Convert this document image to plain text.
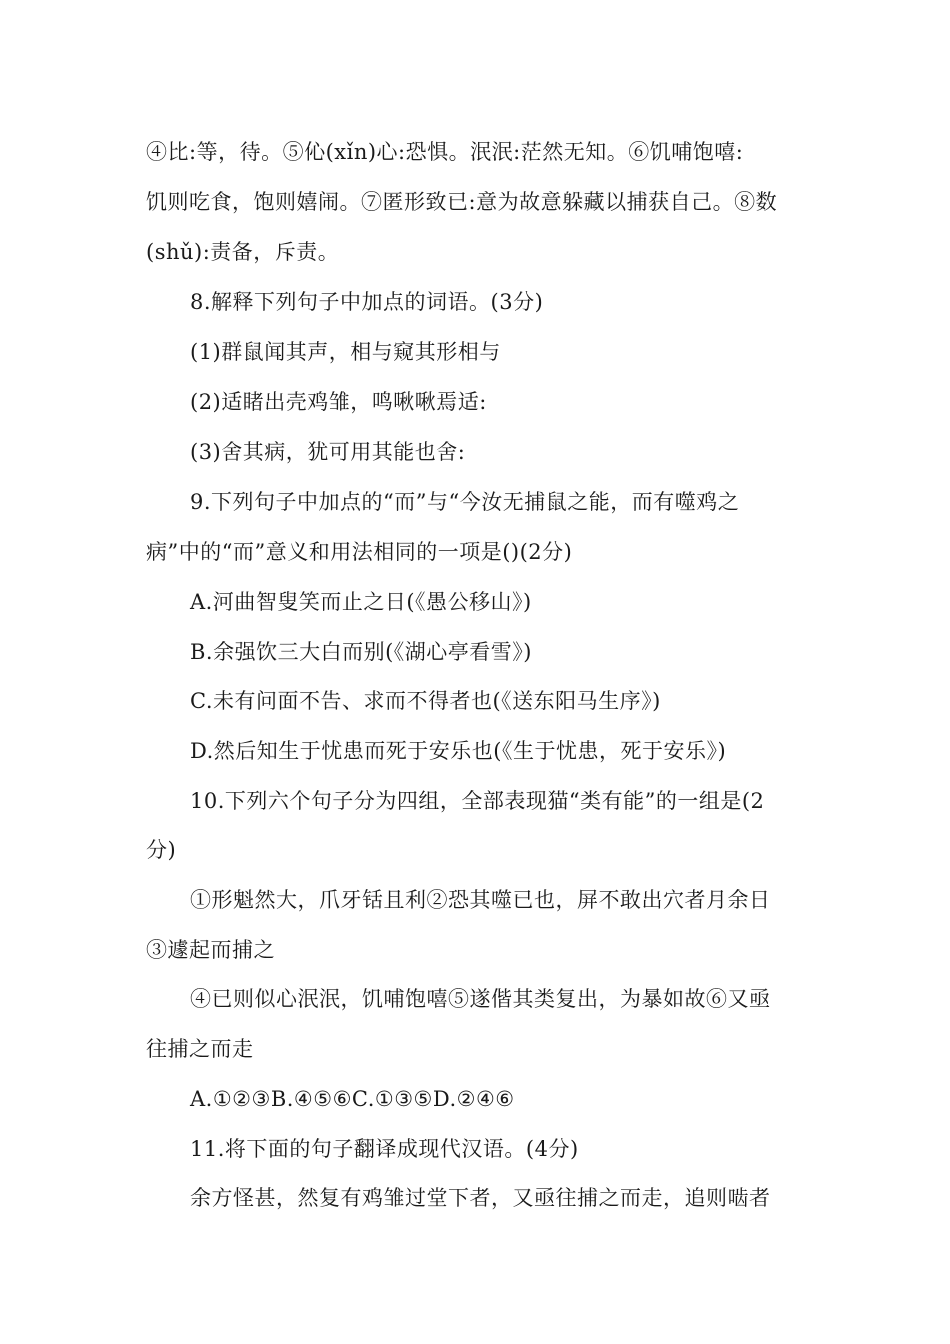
④比:等，待。⑤伈(xǐn)心:恐惧。泯泯:茫然无知。⑥饥哺饱嘻:
饥则吃食，饱则嬉闹。⑦匿形致已:意为故意躲藏以捕获自己。⑧数
(shǔ):责备，斥责。
8.解释下列句子中加点的词语。(3分)
(1)群鼠闻其声，相与窥其形相与
(2)适睹出壳鸡雏，鸣啾啾焉适:
(3)舍其病，犹可用其能也舍:
9.下列句子中加点的“而”与“今汝无捕鼠之能，而有噬鸡之
病”中的“而”意义和用法相同的一项是()(2分)
A.河曲智叟笑而止之日(《愚公移山》)
B.余强饮三大白而别(《湖心亭看雪》)
C.未有问面不告、求而不得者也(《送东阳马生序》)
D.然后知生于忧患而死于安乐也(《生于忧患，死于安乐》)
10.下列六个句子分为四组，全部表现猫“类有能”的一组是(2
分)
①形魁然大，爪牙铦且利②恐其噬已也，屏不敢出穴者月余日
③遽起而捕之
④已则似心泯泯，饥哺饱嘻⑤遂偕其类复出，为暴如故⑥又亟
往捕之而走
A.①②③B.④⑤⑥C.①③⑤D.②④⑥
11.将下面的句子翻译成现代汉语。(4分)
余方怪甚，然复有鸡雏过堂下者，又亟往捕之而走，追则啮者
